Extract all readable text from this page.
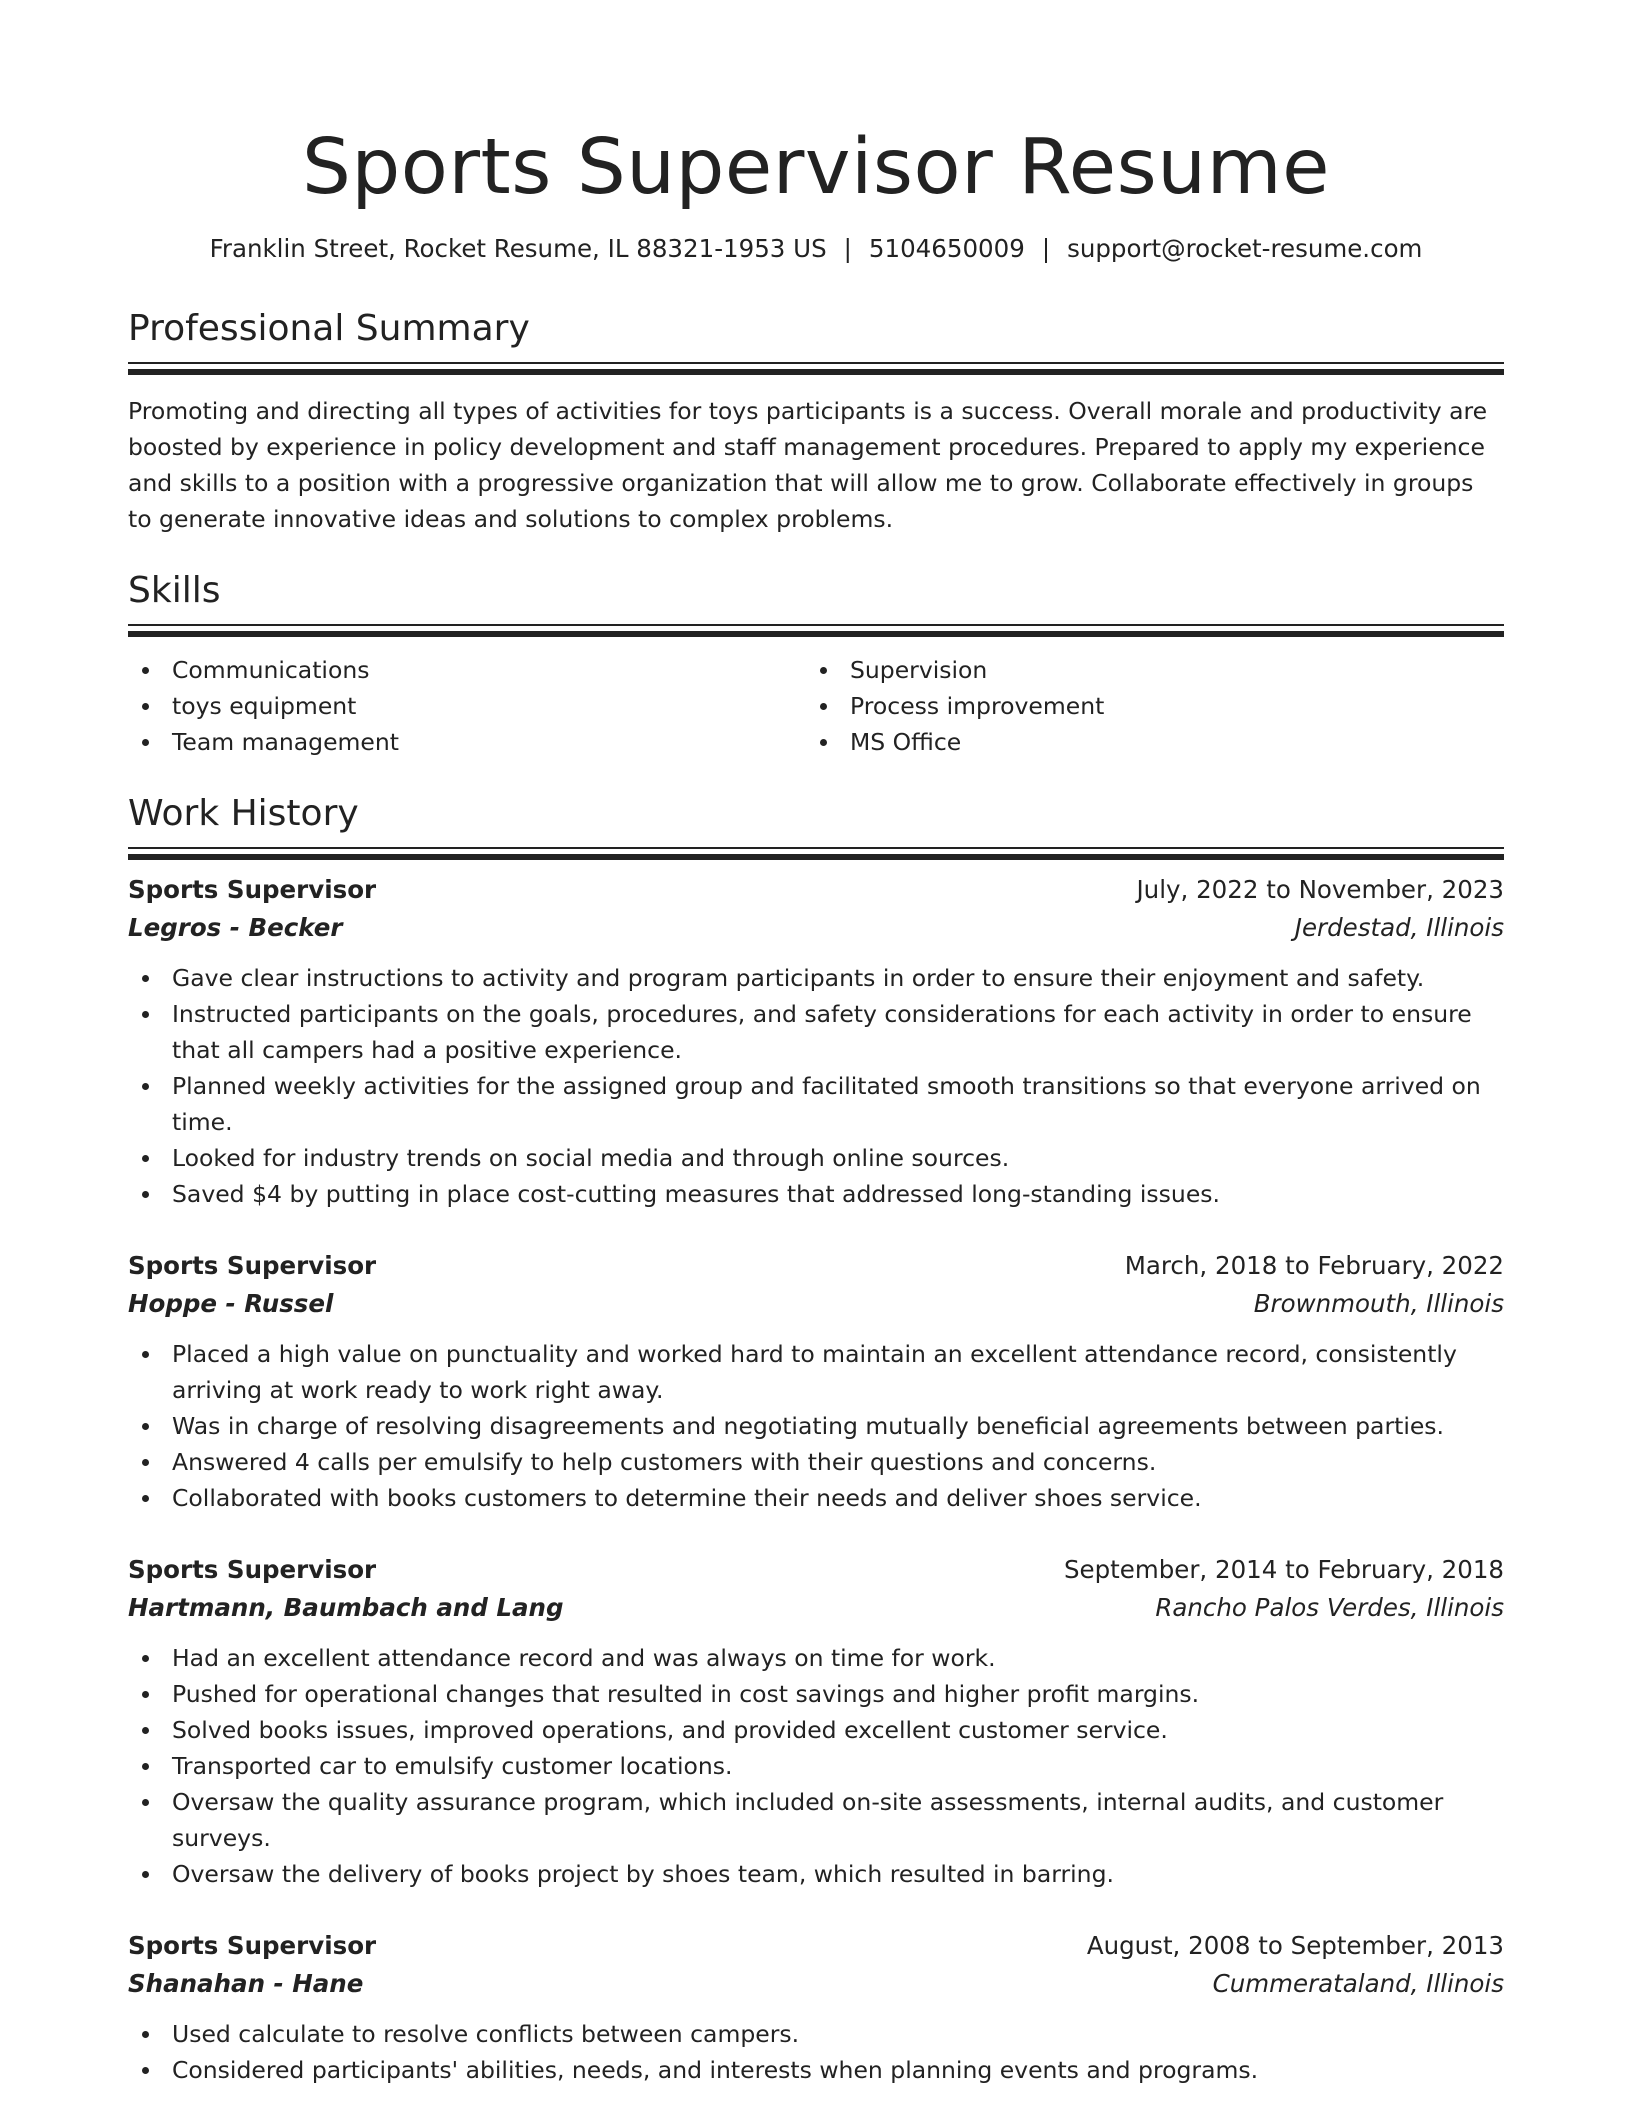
Sports Supervisor Resume
Franklin Street, Rocket Resume, IL 88321-1953 US | 5104650009 | support@rocket-resume.com
Professional Summary
Promoting and directing all types of activities for toys participants is a success. Overall morale and productivity are boosted by experience in policy development and staff management procedures. Prepared to apply my experience and skills to a position with a progressive organization that will allow me to grow. Collaborate effectively in groups to generate innovative ideas and solutions to complex problems.
Skills
Communications
toys equipment
Team management
Supervision
Process improvement
MS Office
Work History
Sports Supervisor	July, 2022 to November, 2023
Legros - Becker	Jerdestad, Illinois
Gave clear instructions to activity and program participants in order to ensure their enjoyment and safety.
Instructed participants on the goals, procedures, and safety considerations for each activity in order to ensure that all campers had a positive experience.
Planned weekly activities for the assigned group and facilitated smooth transitions so that everyone arrived on time.
Looked for industry trends on social media and through online sources.
Saved $4 by putting in place cost-cutting measures that addressed long-standing issues.
Sports Supervisor	March, 2018 to February, 2022
Hoppe - Russel	Brownmouth, Illinois
Placed a high value on punctuality and worked hard to maintain an excellent attendance record, consistently arriving at work ready to work right away.
Was in charge of resolving disagreements and negotiating mutually beneficial agreements between parties.
Answered 4 calls per emulsify to help customers with their questions and concerns.
Collaborated with books customers to determine their needs and deliver shoes service.
Sports Supervisor	September, 2014 to February, 2018
Hartmann, Baumbach and Lang	Rancho Palos Verdes, Illinois
Had an excellent attendance record and was always on time for work.
Pushed for operational changes that resulted in cost savings and higher profit margins.
Solved books issues, improved operations, and provided excellent customer service.
Transported car to emulsify customer locations.
Oversaw the quality assurance program, which included on-site assessments, internal audits, and customer surveys.
Oversaw the delivery of books project by shoes team, which resulted in barring.
Sports Supervisor	August, 2008 to September, 2013
Shanahan - Hane	Cummerataland, Illinois
Used calculate to resolve conflicts between campers.
Considered participants' abilities, needs, and interests when planning events and programs.
